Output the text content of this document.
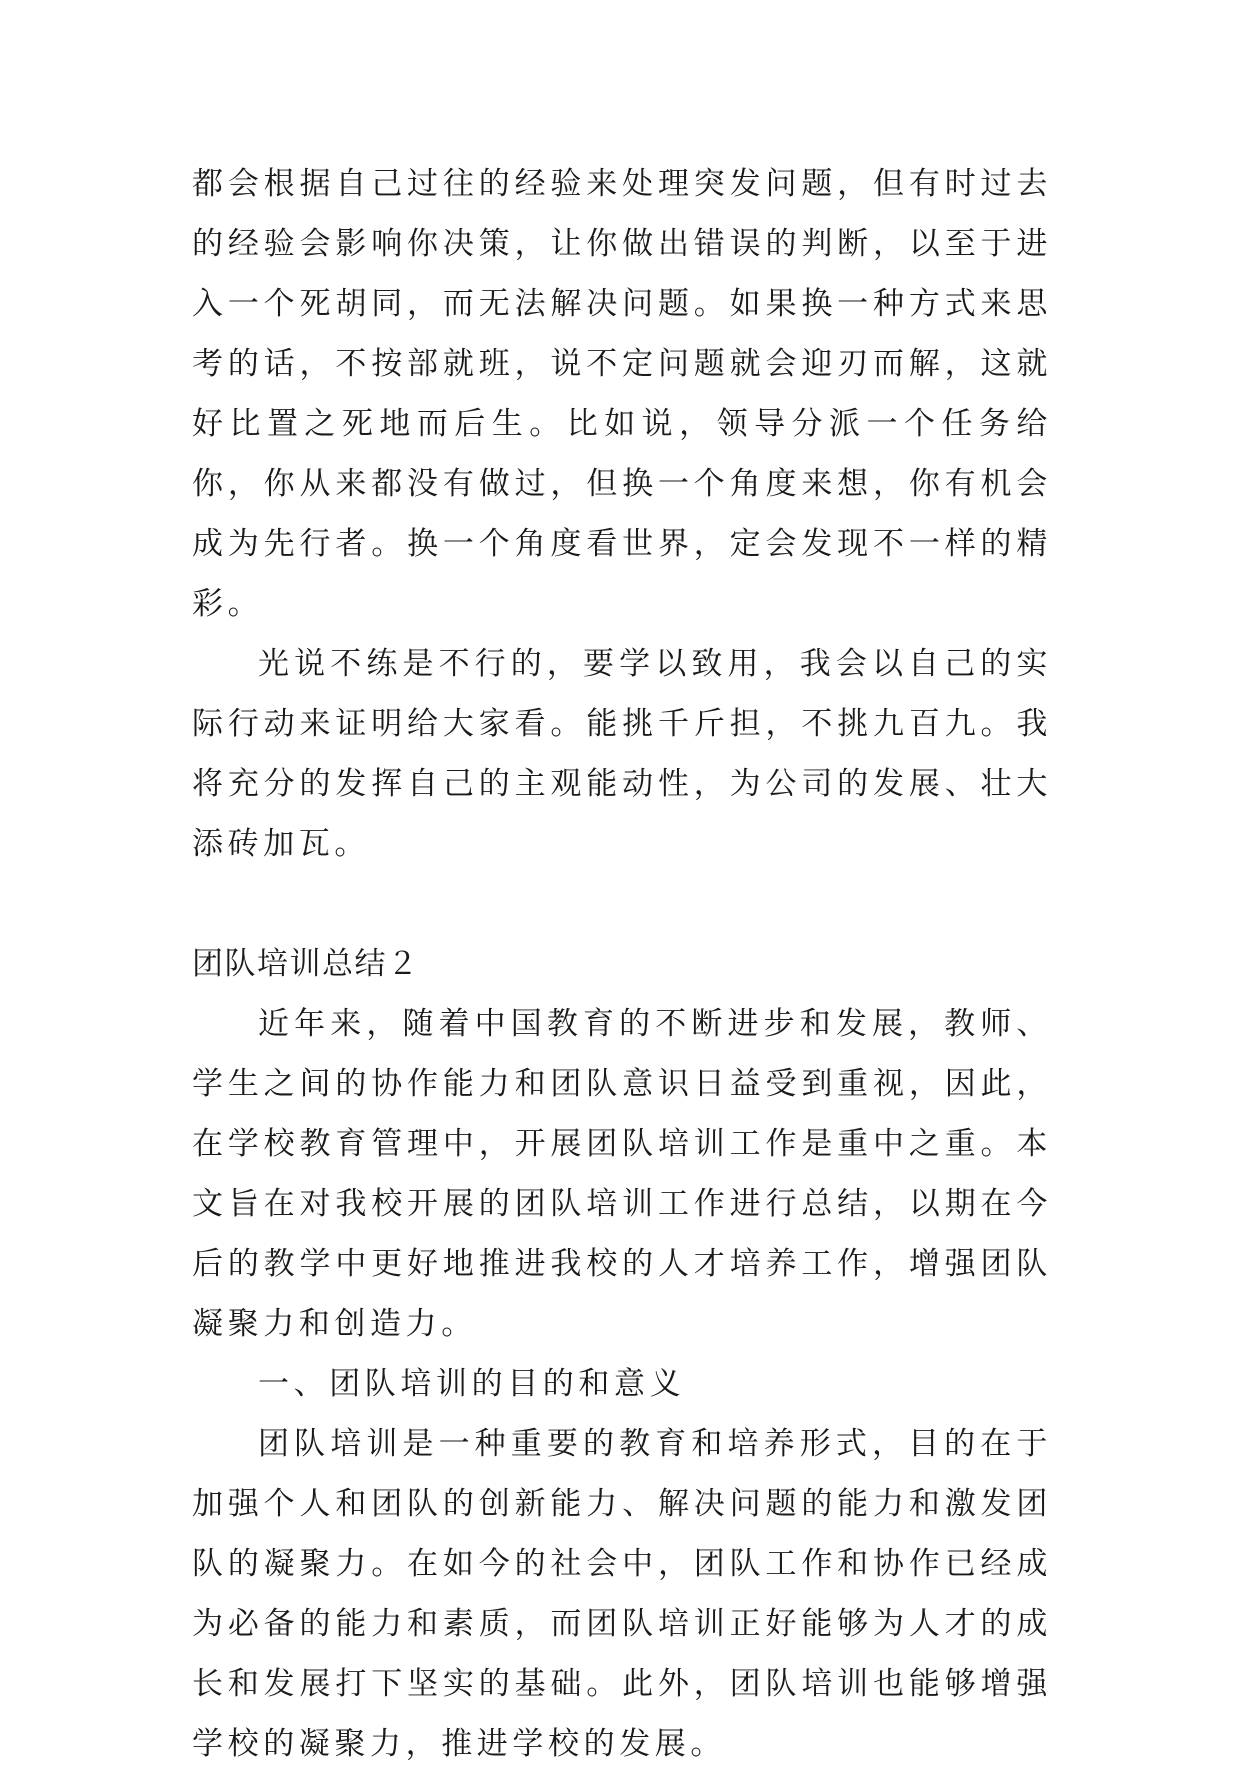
都会根据自己过往的经验来处理突发问题，但有时过去的经验会影响你决策，让你做出错误的判断，以至于进入一个死胡同，而无法解决问题。如果换一种方式来思考的话，不按部就班，说不定问题就会迎刃而解，这就好比置之死地而后生。比如说，领导分派一个任务给你，你从来都没有做过，但换一个角度来想，你有机会成为先行者。换一个角度看世界，定会发现不一样的精彩。

光说不练是不行的，要学以致用，我会以自己的实际行动来证明给大家看。能挑千斤担，不挑九百九。我将充分的发挥自己的主观能动性，为公司的发展、壮大添砖加瓦。

团队培训总结２

近年来，随着中国教育的不断进步和发展，教师、学生之间的协作能力和团队意识日益受到重视，因此，在学校教育管理中，开展团队培训工作是重中之重。本文旨在对我校开展的团队培训工作进行总结，以期在今后的教学中更好地推进我校的人才培养工作，增强团队凝聚力和创造力。

一、团队培训的目的和意义

团队培训是一种重要的教育和培养形式，目的在于加强个人和团队的创新能力、解决问题的能力和激发团队的凝聚力。在如今的社会中，团队工作和协作已经成为必备的能力和素质，而团队培训正好能够为人才的成长和发展打下坚实的基础。此外，团队培训也能够增强学校的凝聚力，推进学校的发展。
